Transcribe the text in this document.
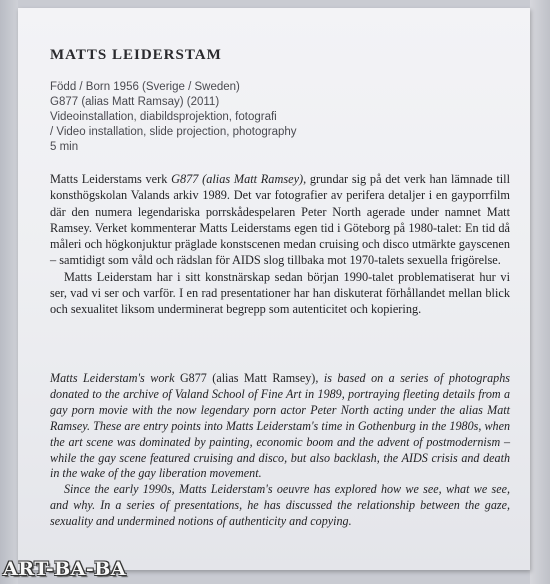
MATTS LEIDERSTAM
Född / Born 1956 (Sverige / Sweden)
G877 (alias Matt Ramsay) (2011)
Videoinstallation, diabildsprojektion, fotografi
/ Video installation, slide projection, photography
5 min

Matts Leiderstams verk G877 (alias Matt Ramsey), grundar sig på det verk han lämnade till konsthögskolan Valands arkiv 1989. Det var fotografier av perifera detaljer i en gayporrfilm där den numera legendariska porrskådespelaren Peter North agerade under namnet Matt Ramsey. Verket kommenterar Matts Leiderstams egen tid i Göteborg på 1980-talet: En tid då måleri och högkonjuktur präglade konstscenen medan cruising och disco utmärkte gayscenen – samtidigt som våld och rädslan för AIDS slog tillbaka mot 1970-talets sexuella frigörelse.

Matts Leiderstam har i sitt konstnärskap sedan början 1990-talet problematiserat hur vi ser, vad vi ser och varför. I en rad presentationer har han diskuterat förhållandet mellan blick och sexualitet liksom underminerat begrepp som autenticitet och kopiering.

Matts Leiderstam's work G877 (alias Matt Ramsey), is based on a series of photographs donated to the archive of Valand School of Fine Art in 1989, portraying fleeting details from a gay porn movie with the now legendary porn actor Peter North acting under the alias Matt Ramsey. These are entry points into Matts Leiderstam's time in Gothenburg in the 1980s, when the art scene was dominated by painting, economic boom and the advent of postmodernism – while the gay scene featured cruising and disco, but also backlash, the AIDS crisis and death in the wake of the gay liberation movement.

Since the early 1990s, Matts Leiderstam's oeuvre has explored how we see, what we see, and why. In a series of presentations, he has discussed the relationship between the gaze, sexuality and undermined notions of authenticity and copying.

ART-BA-BA
